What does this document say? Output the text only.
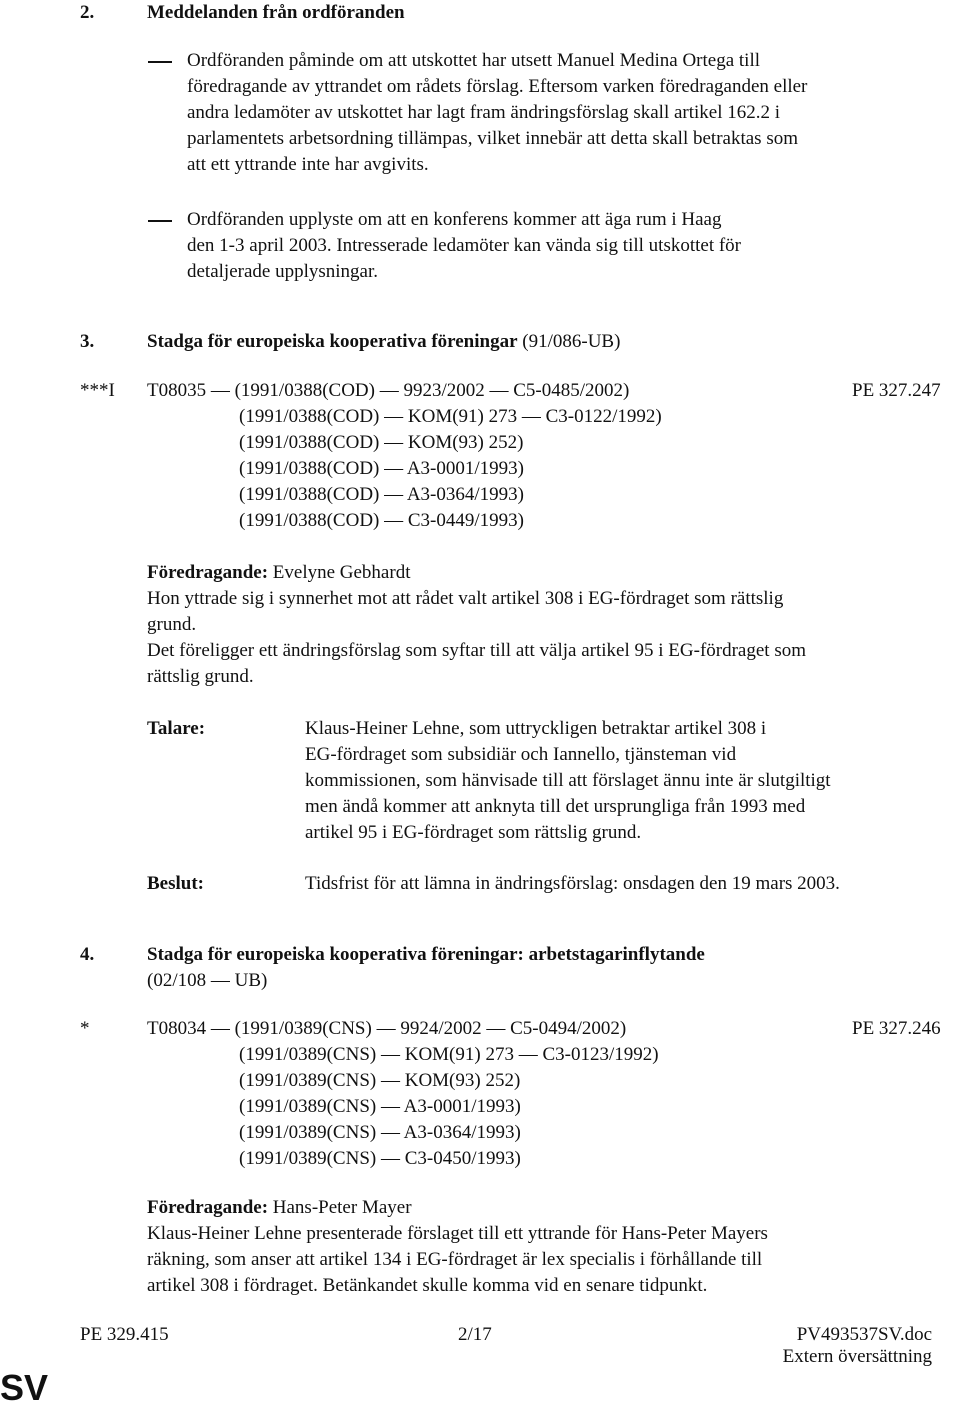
2.	Meddelanden från ordföranden
Ordföranden påminde om att utskottet har utsett Manuel Medina Ortega till
föredragande av yttrandet om rådets förslag. Eftersom varken föredraganden eller
andra ledamöter av utskottet har lagt fram ändringsförslag skall artikel 162.2 i
parlamentets arbetsordning tillämpas, vilket innebär att detta skall betraktas som
att ett yttrande inte har avgivits.
Ordföranden upplyste om att en konferens kommer att äga rum i Haag
den 1-3 april 2003. Intresserade ledamöter kan vända sig till utskottet för
detaljerade upplysningar.
3.	Stadga för europeiska kooperativa föreningar (91/086-UB)
***I T08035 — (1991/0388(COD) — 9923/2002 — C5-0485/2002)	PE 327.247
(1991/0388(COD) — KOM(91) 273 — C3-0122/1992)
(1991/0388(COD) — KOM(93) 252)
(1991/0388(COD) — A3-0001/1993)
(1991/0388(COD) — A3-0364/1993)
(1991/0388(COD) — C3-0449/1993)
Föredragande: Evelyne Gebhardt
Hon yttrade sig i synnerhet mot att rådet valt artikel 308 i EG-fördraget som rättslig
grund.
Det föreligger ett ändringsförslag som syftar till att välja artikel 95 i EG-fördraget som
rättslig grund.
Talare:	Klaus-Heiner Lehne, som uttryckligen betraktar artikel 308 i
EG-fördraget som subsidiär och Iannello, tjänsteman vid
kommissionen, som hänvisade till att förslaget ännu inte är slutgiltigt
men ändå kommer att anknyta till det ursprungliga från 1993 med
artikel 95 i EG-fördraget som rättslig grund.
Beslut:	Tidsfrist för att lämna in ändringsförslag: onsdagen den 19 mars 2003.
4.	Stadga för europeiska kooperativa föreningar: arbetstagarinflytande
(02/108 — UB)
*	T08034 — (1991/0389(CNS) — 9924/2002 — C5-0494/2002)	PE 327.246
(1991/0389(CNS) — KOM(91) 273 — C3-0123/1992)
(1991/0389(CNS) — KOM(93) 252)
(1991/0389(CNS) — A3-0001/1993)
(1991/0389(CNS) — A3-0364/1993)
(1991/0389(CNS) — C3-0450/1993)
Föredragande: Hans-Peter Mayer
Klaus-Heiner Lehne presenterade förslaget till ett yttrande för Hans-Peter Mayers
räkning, som anser att artikel 134 i EG-fördraget är lex specialis i förhållande till
artikel 308 i fördraget. Betänkandet skulle komma vid en senare tidpunkt.
PE 329.415	2/17	PV493537SV.doc
Extern översättning
SV
